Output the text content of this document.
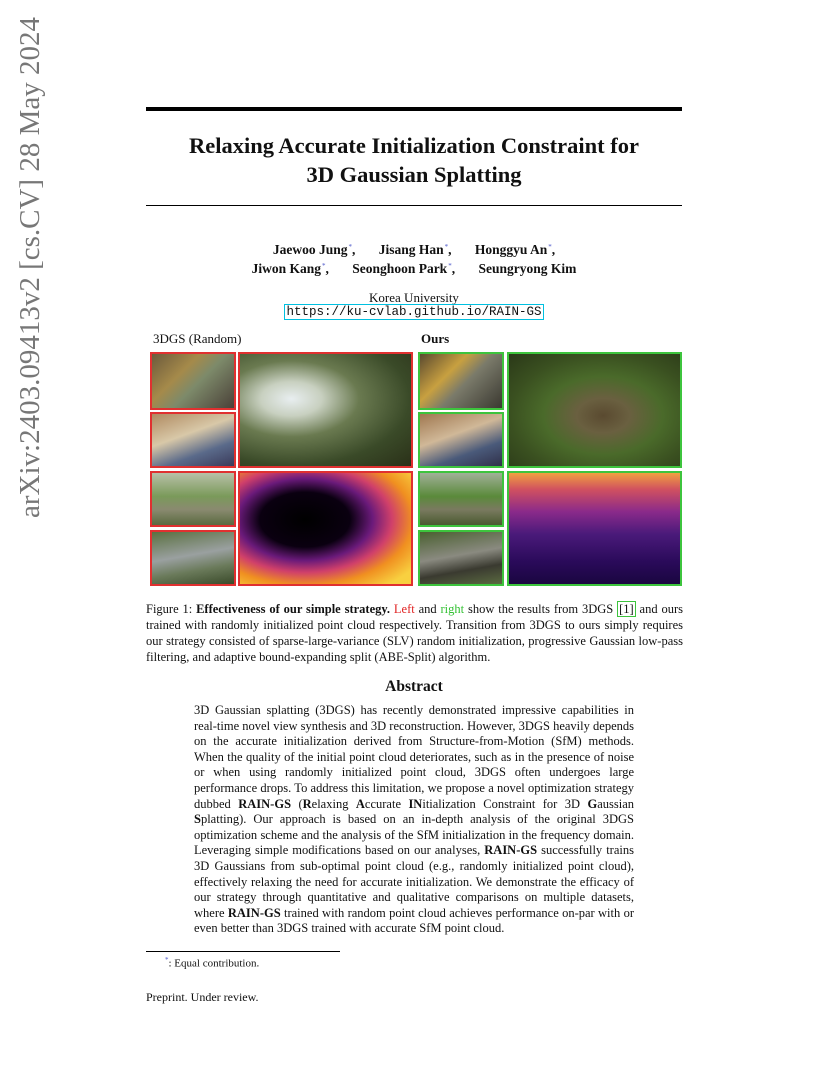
arXiv:2403.09413v2 [cs.CV] 28 May 2024	Relaxing Accurate Initialization Constraint for
3D Gaussian Splatting
Jaewoo Jung*, Jisang Han*, Honggyu An*,
Jiwon Kang*, Seonghoon Park*, Seungryong Kim
Korea University
https://ku-cvlab.github.io/RAIN-GS
3DGS (Random)	Ours
Figure 1: Effectiveness of our simple strategy. Left and right show the results from 3DGS [1] and ours trained with randomly initialized point cloud respectively. Transition from 3DGS to ours simply requires our strategy consisted of sparse-large-variance (SLV) random initialization, progressive Gaussian low-pass filtering, and adaptive bound-expanding split (ABE-Split) algorithm.
Abstract
3D Gaussian splatting (3DGS) has recently demonstrated impressive capabilities in real-time novel view synthesis and 3D reconstruction. However, 3DGS heavily depends on the accurate initialization derived from Structure-from-Motion (SfM) methods. When the quality of the initial point cloud deteriorates, such as in the presence of noise or when using randomly initialized point cloud, 3DGS often undergoes large performance drops. To address this limitation, we propose a novel optimization strategy dubbed RAIN-GS (Relaxing Accurate INitialization Constraint for 3D Gaussian Splatting). Our approach is based on an in-depth analysis of the original 3DGS optimization scheme and the analysis of the SfM initialization in the frequency domain. Leveraging simple modifications based on our analyses, RAIN-GS successfully trains 3D Gaussians from sub-optimal point cloud (e.g., randomly initialized point cloud), effectively relaxing the need for accurate initialization. We demonstrate the efficacy of our strategy through quantitative and qualitative comparisons on multiple datasets, where RAIN-GS trained with random point cloud achieves performance on-par with or even better than 3DGS trained with accurate SfM point cloud.
*: Equal contribution.
Preprint. Under review.
